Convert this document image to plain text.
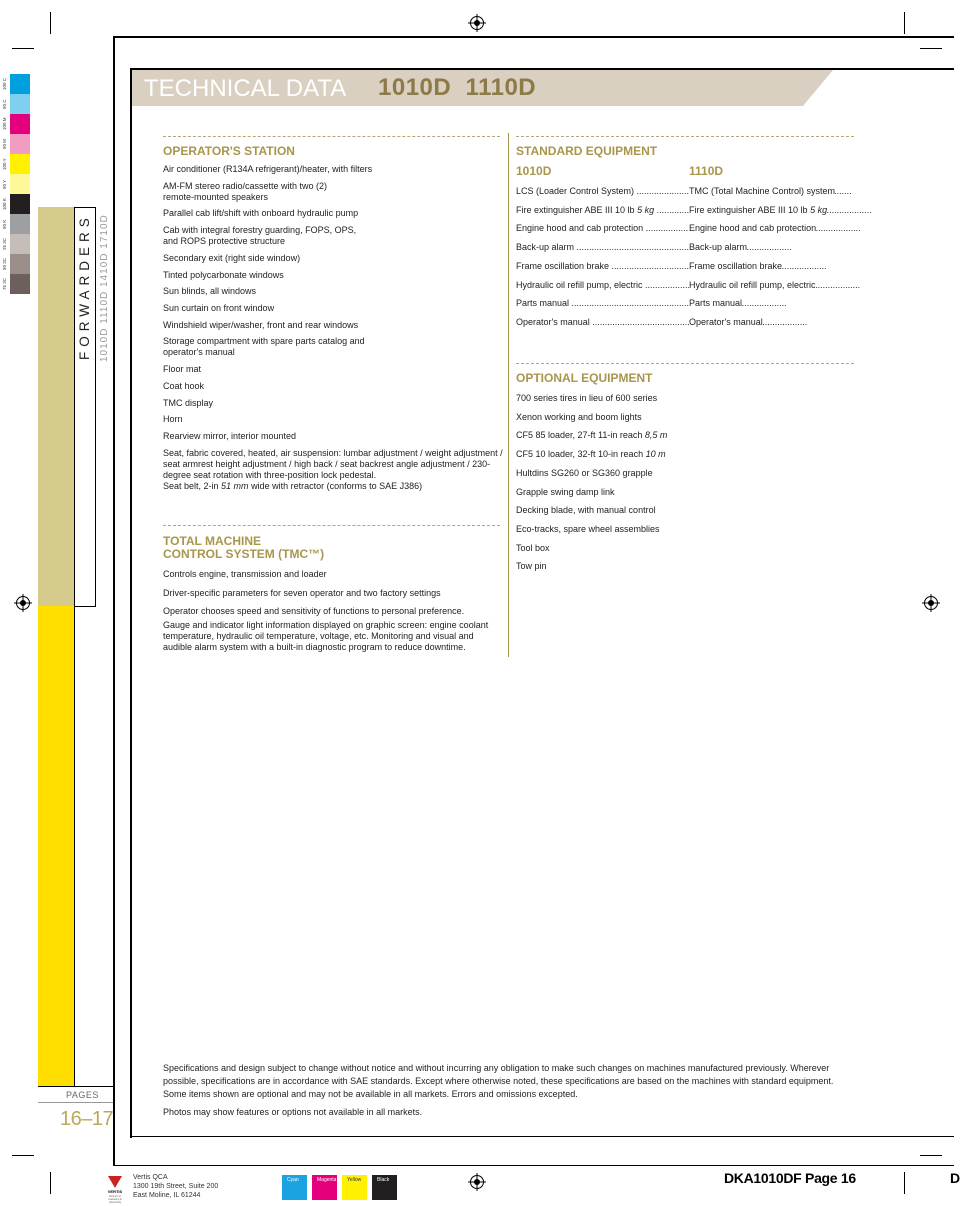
100 C
50 C
100 M
50 M
100 Y
50 Y
100 K
50 K
25 3C
50 3C
75 3C	FORWARDERS 1010D 1110D 1410D 1710D
PAGES
16–17
TECHNICAL DATA 1010D  1110D
OPERATOR'S STATION
Air conditioner (R134A refrigerant)/heater, with filters
AM-FM stereo radio/cassette with two (2)
remote-mounted speakers
Parallel cab lift/shift with onboard hydraulic pump
Cab with integral forestry guarding, FOPS, OPS,
and ROPS protective structure
Secondary exit (right side window)
Tinted polycarbonate windows
Sun blinds, all windows
Sun curtain on front window
Windshield wiper/washer, front and rear windows
Storage compartment with spare parts catalog and
operator's manual
Floor mat
Coat hook
TMC display
Horn
Rearview mirror, interior mounted
Seat, fabric covered, heated, air suspension: lumbar adjustment / weight adjustment / seat armrest height adjustment / high back / seat backrest angle adjustment / 230-degree seat rotation with three-position lock pedestal.
Seat belt, 2-in 51 mm wide with retractor (conforms to SAE J386)
TOTAL MACHINE
CONTROL SYSTEM (TMC™)
Controls engine, transmission and loader
Driver-specific parameters for seven operator and two factory settings
Operator chooses speed and sensitivity of functions to personal preference.
Gauge and indicator light information displayed on graphic screen: engine coolant temperature, hydraulic oil temperature, voltage, etc. Monitoring and visual and audible alarm system with a built-in diagnostic program to reduce downtime.
STANDARD EQUIPMENT
1010D	1110D
LCS (Loader Control System) .....	TMC (Total Machine Control) system
Fire extinguisher ABE III 10 lb 5 kg .....	Fire extinguisher ABE III 10 lb 5 kg
Engine hood and cab protection .....	Engine hood and cab protection
Back-up alarm .....	Back-up alarm
Frame oscillation brake .....	Frame oscillation brake
Hydraulic oil refill pump, electric .....	Hydraulic oil refill pump, electric
Parts manual .....	Parts manual
Operator's manual .....	Operator's manual
OPTIONAL EQUIPMENT
700 series tires in lieu of 600 series
Xenon working and boom lights
CF5 85 loader, 27-ft 11-in reach 8,5 m
CF5 10 loader, 32-ft 10-in reach 10 m
Hultdins SG260 or SG360 grapple
Grapple swing damp link
Decking blade, with manual control
Eco-tracks, spare wheel assemblies
Tool box
Tow pin
Specifications and design subject to change without notice and without incurring any obligation to make such changes on machines manufactured previously. Wherever possible, specifications are in accordance with SAE standards. Except where otherwise noted, these specifications are based on the machines with standard equipment. Some items shown are optional and may not be available in all markets. Errors and omissions excepted.
Photos may show features or options not available in all markets.
VERTIS
Partners in marketing & advertising
Vertis QCA
1300 19th Street, Suite 200
East Moline, IL 61244
Cyan	Magenta	Yellow	Black	DKA1010DF Page 16	D
